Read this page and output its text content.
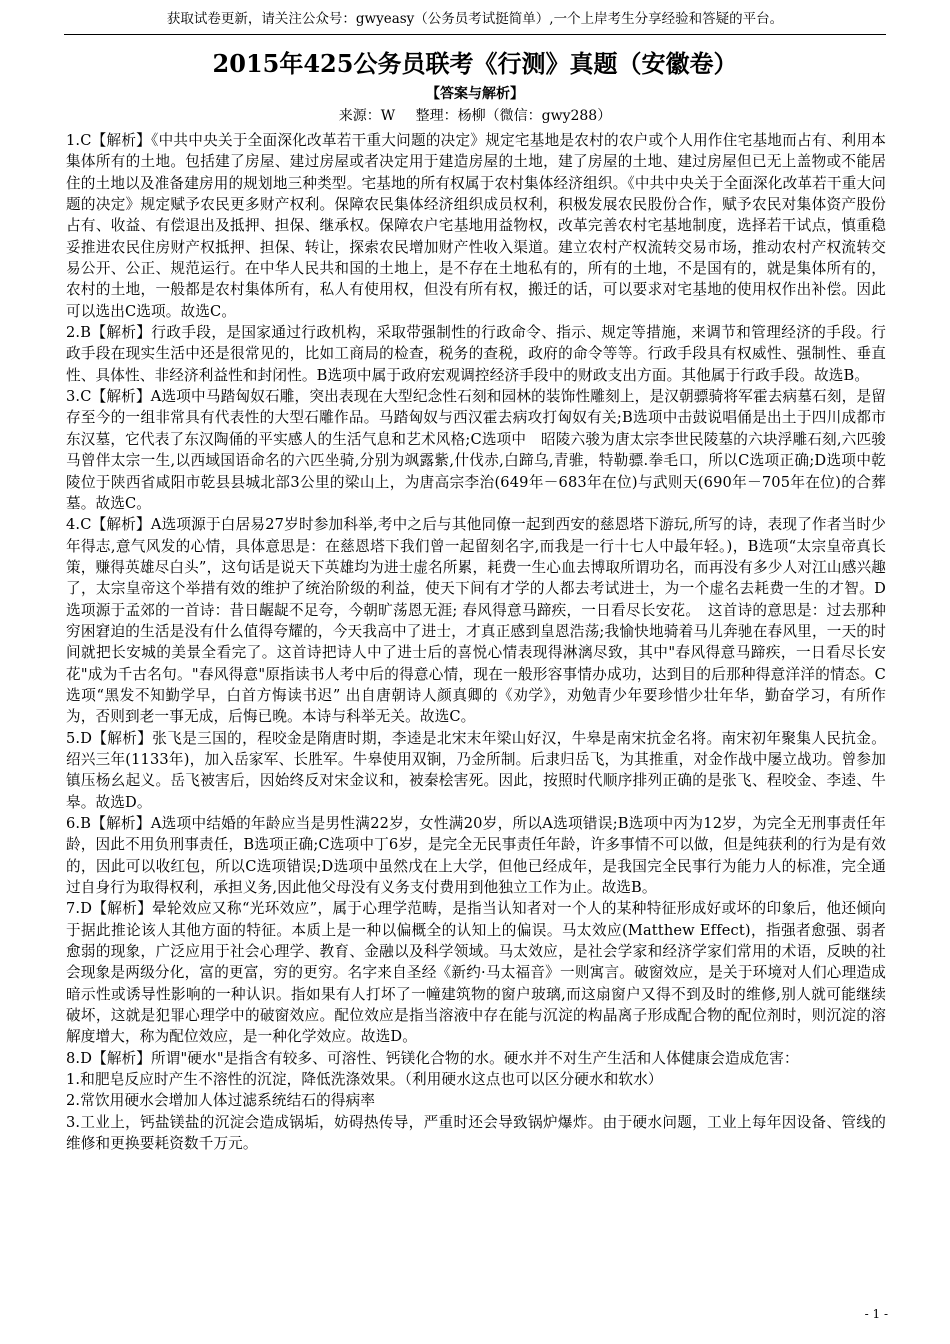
获取试卷更新，请关注公众号：gwyeasy（公务员考试挺简单）,一个上岸考生分享经验和答疑的平台。
2015年425公务员联考《行测》真题（安徽卷）
【答案与解析】
来源：W 整理：杨柳（微信：gwy288）

1.C【解析】《中共中央关于全面深化改革若干重大问题的决定》规定宅基地是农村的农户或个人用作住宅基地而占有、利用本集体所有的土地。包括建了房屋、建过房屋或者决定用于建造房屋的土地，建了房屋的土地、建过房屋但已无上盖物或不能居住的土地以及准备建房用的规划地三种类型。宅基地的所有权属于农村集体经济组织。《中共中央关于全面深化改革若干重大问题的决定》规定赋予农民更多财产权利。保障农民集体经济组织成员权利，积极发展农民股份合作，赋予农民对集体资产股份占有、收益、有偿退出及抵押、担保、继承权。保障农户宅基地用益物权，改革完善农村宅基地制度，选择若干试点，慎重稳妥推进农民住房财产权抵押、担保、转让，探索农民增加财产性收入渠道。建立农村产权流转交易市场，推动农村产权流转交易公开、公正、规范运行。在中华人民共和国的土地上，是不存在土地私有的，所有的土地，不是国有的，就是集体所有的，农村的土地，一般都是农村集体所有，私人有使用权，但没有所有权，搬迁的话，可以要求对宅基地的使用权作出补偿。因此可以选出C选项。故选C。

2.B【解析】行政手段，是国家通过行政机构，采取带强制性的行政命令、指示、规定等措施，来调节和管理经济的手段。行政手段在现实生活中还是很常见的，比如工商局的检查，税务的查税，政府的命令等等。行政手段具有权威性、强制性、垂直性、具体性、非经济利益性和封闭性。B选项中属于政府宏观调控经济手段中的财政支出方面。其他属于行政手段。故选B。

3.C【解析】A选项中马踏匈奴石雕，突出表现在大型纪念性石刻和园林的装饰性雕刻上，是汉朝骠骑将军霍去病墓石刻，是留存至今的一组非常具有代表性的大型石雕作品。马踏匈奴与西汉霍去病攻打匈奴有关;B选项中击鼓说唱俑是出土于四川成都市东汉墓，它代表了东汉陶俑的平实感人的生活气息和艺术风格;C选项中　昭陵六骏为唐太宗李世民陵墓的六块浮雕石刻,六匹骏马曾伴太宗一生,以西域国语命名的六匹坐骑,分别为飒露紫,什伐赤,白蹄乌,青骓，特勒骠.拳毛口，所以C选项正确;D选项中乾陵位于陕西省咸阳市乾县县城北部3公里的梁山上，为唐高宗李治(649年－683年在位)与武则天(690年－705年在位)的合葬墓。故选C。

4.C【解析】A选项源于白居易27岁时参加科举,考中之后与其他同僚一起到西安的慈恩塔下游玩,所写的诗，表现了作者当时少年得志,意气风发的心情，具体意思是：在慈恩塔下我们曾一起留刻名字,而我是一行十七人中最年轻。)，B选项“太宗皇帝真长策，赚得英雄尽白头”，这句话是说天下英雄均为进士虚名所累，耗费一生心血去博取所谓功名，而再没有多少人对江山感兴趣了，太宗皇帝这个举措有效的维护了统治阶级的利益，使天下间有才学的人都去考试进士，为一个虚名去耗费一生的才智。D选项源于孟郊的一首诗：昔日龌龊不足夸，今朝旷荡恩无涯; 春风得意马蹄疾，一日看尽长安花。　这首诗的意思是：过去那种穷困窘迫的生活是没有什么值得夸耀的，今天我高中了进士，才真正感到皇恩浩荡;我愉快地骑着马儿奔驰在春风里，一天的时间就把长安城的美景全看完了。这首诗把诗人中了进士后的喜悦心情表现得淋漓尽致，其中"春风得意马蹄疾，一日看尽长安花"成为千古名句。"春风得意"原指读书人考中后的得意心情，现在一般形容事情办成功，达到目的后那种得意洋洋的情态。C选项“黑发不知勤学早，白首方悔读书迟” 出自唐朝诗人颜真卿的《劝学》，劝勉青少年要珍惜少壮年华，勤奋学习，有所作为，否则到老一事无成，后悔已晚。本诗与科举无关。故选C。

5.D【解析】张飞是三国的，程咬金是隋唐时期，李逵是北宋末年梁山好汉，牛皋是南宋抗金名将。南宋初年聚集人民抗金。绍兴三年(1133年)，加入岳家军、长胜军。牛皋使用双锏，乃金所制。后隶归岳飞，为其推重，对金作战中屡立战功。曾参加镇压杨幺起义。岳飞被害后，因始终反对宋金议和，被秦桧害死。因此，按照时代顺序排列正确的是张飞、程咬金、李逵、牛皋。故选D。

6.B【解析】A选项中结婚的年龄应当是男性满22岁，女性满20岁，所以A选项错误;B选项中丙为12岁，为完全无刑事责任年龄，因此不用负刑事责任，B选项正确;C选项中丁6岁，是完全无民事责任年龄，许多事情不可以做，但是纯获利的行为是有效的，因此可以收红包，所以C选项错误;D选项中虽然戊在上大学，但他已经成年，是我国完全民事行为能力人的标准，完全通过自身行为取得权利，承担义务,因此他父母没有义务支付费用到他独立工作为止。故选B。

7.D【解析】晕轮效应又称“光环效应”，属于心理学范畴，是指当认知者对一个人的某种特征形成好或坏的印象后，他还倾向于据此推论该人其他方面的特征。本质上是一种以偏概全的认知上的偏误。马太效应(Matthew Effect)，指强者愈强、弱者愈弱的现象，广泛应用于社会心理学、教育、金融以及科学领域。马太效应，是社会学家和经济学家们常用的术语，反映的社会现象是两级分化，富的更富，穷的更穷。名字来自圣经《新约·马太福音》一则寓言。破窗效应，是关于环境对人们心理造成暗示性或诱导性影响的一种认识。指如果有人打坏了一幢建筑物的窗户玻璃,而这扇窗户又得不到及时的维修,别人就可能继续破坏，这就是犯罪心理学中的破窗效应。配位效应是指当溶液中存在能与沉淀的构晶离子形成配合物的配位剂时，则沉淀的溶解度增大，称为配位效应，是一种化学效应。故选D。

8.D【解析】所谓"硬水"是指含有较多、可溶性、钙镁化合物的水。硬水并不对生产生活和人体健康会造成危害：

1.和肥皂反应时产生不溶性的沉淀，降低洗涤效果。（利用硬水这点也可以区分硬水和软水）

2.常饮用硬水会增加人体过滤系统结石的得病率

3.工业上，钙盐镁盐的沉淀会造成锅垢，妨碍热传导，严重时还会导致锅炉爆炸。由于硬水问题，工业上每年因设备、管线的维修和更换要耗资数千万元。

- 1 -
